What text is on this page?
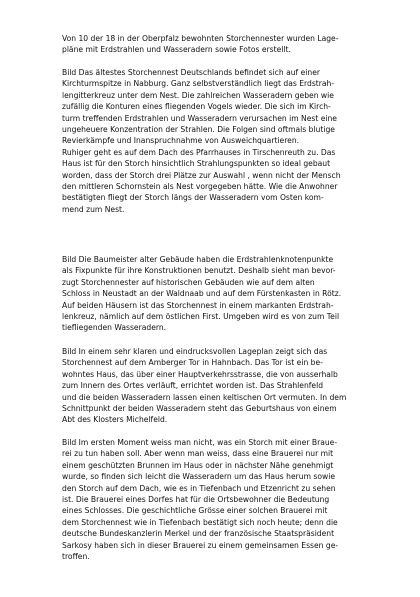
Von 10 der 18 in der Oberpfalz bewohnten Storchennester wurden Lage-
pläne mit Erdstrahlen und Wasseradern sowie Fotos erstellt.
Bild Das ältestes Storchennest Deutschlands befindet sich auf einer
Kirchturmspitze in Nabburg. Ganz selbstverständlich liegt das Erdstrah-
lengitterkreuz unter dem Nest. Die zahlreichen Wasseradern geben wie
zufällig die Konturen eines fliegenden Vogels wieder. Die sich im Kirch-
turm treffenden Erdstrahlen und Wasseradern verursachen im Nest eine
ungeheuere Konzentration der Strahlen. Die Folgen sind oftmals blutige
Revierkämpfe und Inanspruchnahme von Ausweichquartieren.
Ruhiger geht es auf dem Dach des Pfarrhauses in Tirschenreuth zu. Das
Haus ist für den Storch hinsichtlich Strahlungspunkten so ideal gebaut
worden, dass der Storch drei Plätze zur Auswahl , wenn nicht der Mensch
den mittleren Schornstein als Nest vorgegeben hätte. Wie die Anwohner
bestätigten fliegt der Storch längs der Wasseradern vom Osten kom-
mend zum Nest.
Bild Die Baumeister alter Gebäude haben die Erdstrahlenknotenpunkte
als Fixpunkte für ihre Konstruktionen benutzt. Deshalb sieht man bevor-
zugt Storchennester auf historischen Gebäuden wie auf dem alten
Schloss in Neustadt an der Waldnaab und auf dem Fürstenkasten in Rötz.
Auf beiden Häusern ist das Storchennest in einem markanten Erdstrah-
lenkreuz, nämlich auf dem östlichen First. Umgeben wird es von zum Teil
tiefliegenden Wasseradern.
Bild In einem sehr klaren und eindrucksvollen Lageplan zeigt sich das
Storchennest auf dem Amberger Tor in Hahnbach. Das Tor ist ein be-
wohntes Haus, das über einer Hauptverkehrsstrasse, die von ausserhalb
zum Innern des Ortes verläuft, errichtet worden ist. Das Strahlenfeld
und die beiden Wasseradern lassen einen keltischen Ort vermuten. In dem
Schnittpunkt der beiden Wasseradern steht das Geburtshaus von einem
Abt des Klosters Michelfeld.
Bild Im ersten Moment weiss man nicht, was ein Storch mit einer Braue-
rei zu tun haben soll. Aber wenn man weiss, dass eine Brauerei nur mit
einem geschützten Brunnen im Haus oder in nächster Nähe genehmigt
wurde, so finden sich leicht die Wasseradern um das Haus herum sowie
den Storch auf dem Dach, wie es in Tiefenbach und Etzenricht zu sehen
ist. Die Brauerei eines Dorfes hat für die Ortsbewohner die Bedeutung
eines Schlosses. Die geschichtliche Grösse einer solchen Brauerei mit
dem Storchennest wie in Tiefenbach bestätigt sich noch heute; denn die
deutsche Bundeskanzlerin Merkel und der französische Staatspräsident
Sarkosy haben sich in dieser Brauerei zu einem gemeinsamen Essen ge-
troffen.
